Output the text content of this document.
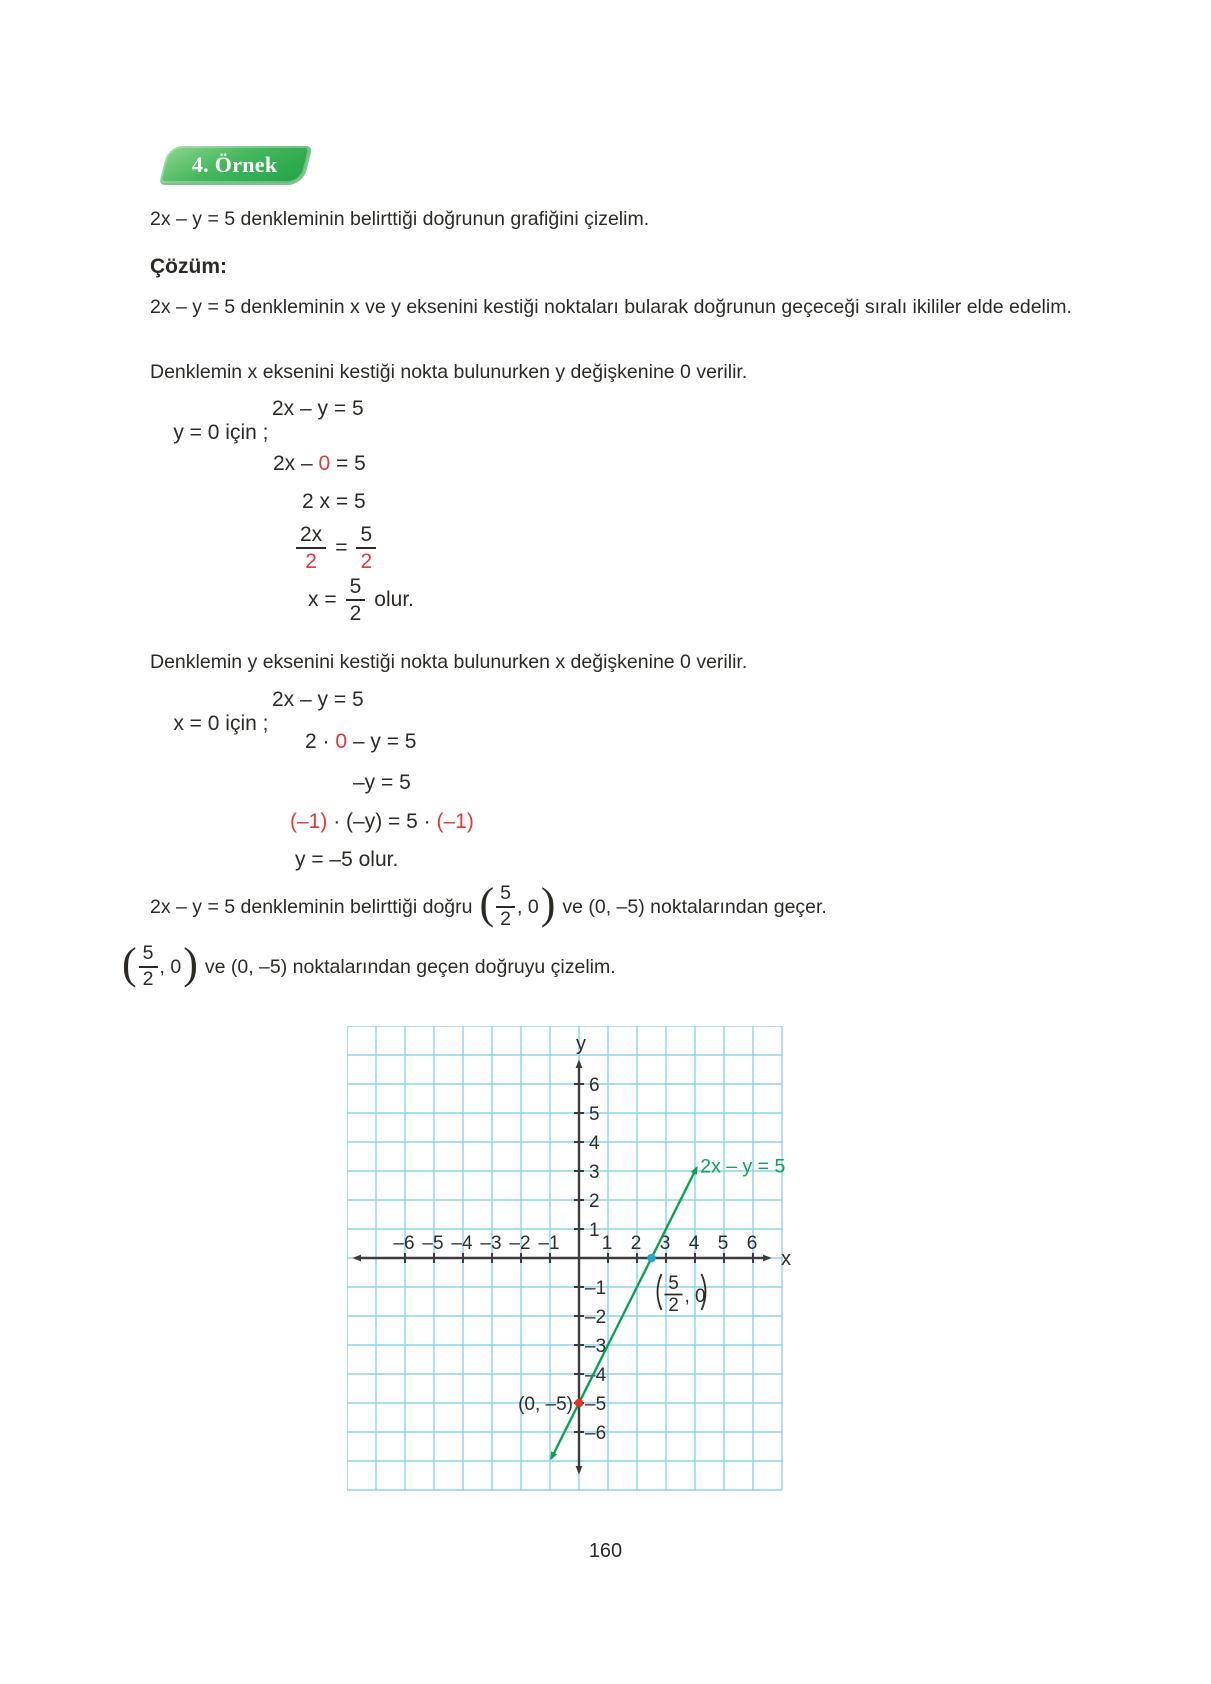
4. Örnek
2x – y = 5 denkleminin belirttiği doğrunun grafiğini çizelim.
Çözüm:
2x – y = 5 denkleminin x ve y eksenini kestiği noktaları bularak doğrunun geçeceği sıralı ikililer elde edelim.
Denklemin x eksenini kestiği nokta bulunurken y değişkenine 0 verilir.

y = 0 için ;

2x – y = 5
2x – 0 = 5
2 x = 5
$\frac{2x}{2} = \frac{5}{2}$
$x = \frac{5}{2}$ olur.
Denklemin y eksenini kestiği nokta bulunurken x değişkenine 0 verilir.

x = 0 için ;

2x – y = 5
2 · 0 – y = 5
–y = 5
(–1) · (–y) = 5 · (–1)
y = –5 olur.
2x – y = 5 denkleminin belirttiği doğru ( $\frac{5}{2}$ , 0 ) ve (0, –5) noktalarından geçer.
( $\frac{5}{2}$ , 0 ) ve (0, –5) noktalarından geçen doğruyu çizelim.
x
y
–6 –5 –4 –3 –2 –1 1 2 3 4 5 6
–6
–5
–4
–3
–2
–1
1
2
3
4
5
6
2x – y = 5
5
2 , 0
(0, –5)
160
